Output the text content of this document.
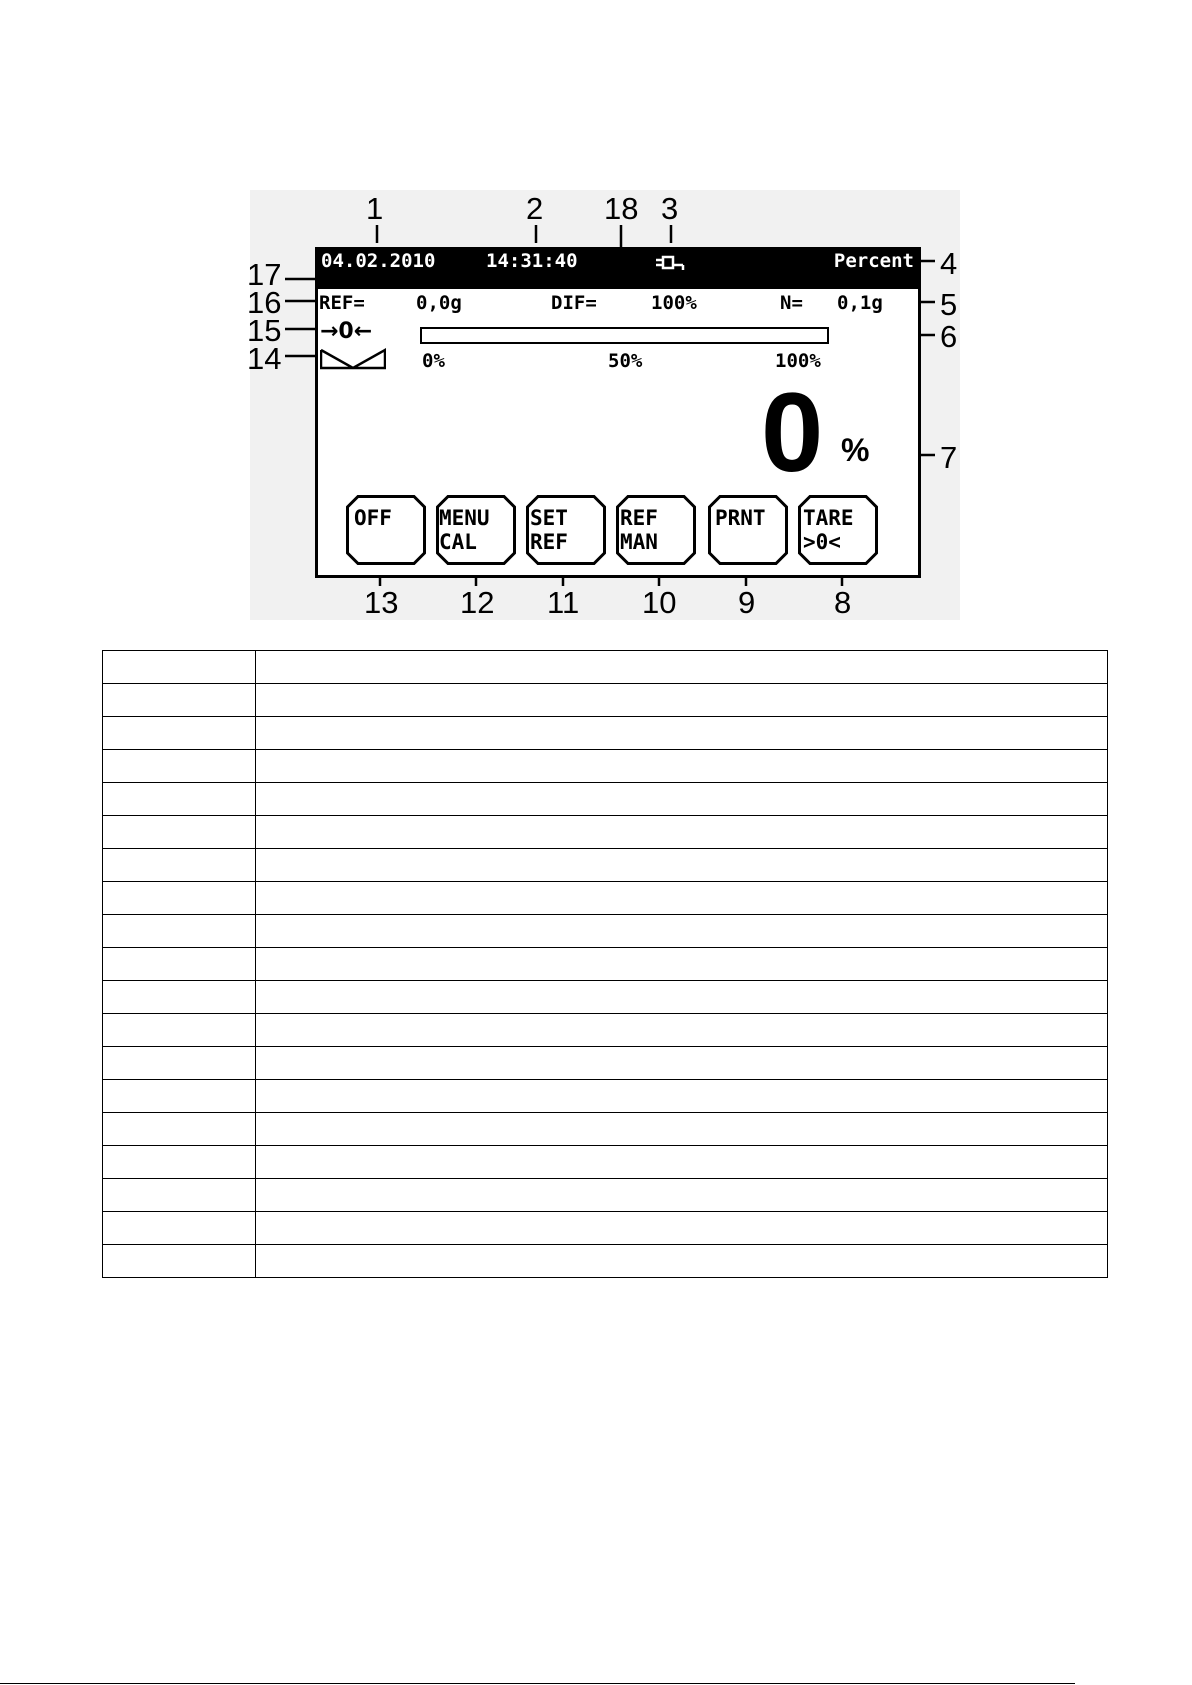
1	2 18 3
4
5
6
7
17
16
15
14
13 12 11 10 9	8
04.02.2010	14:31:40	Percent
REF=	0,0g	DIF=	100%	N= 0,1g
→0←
0%	50%	100%
0 %
OFF MENU
CAL
SET
REF
REF
MAN
PRNT TARE
>0<
